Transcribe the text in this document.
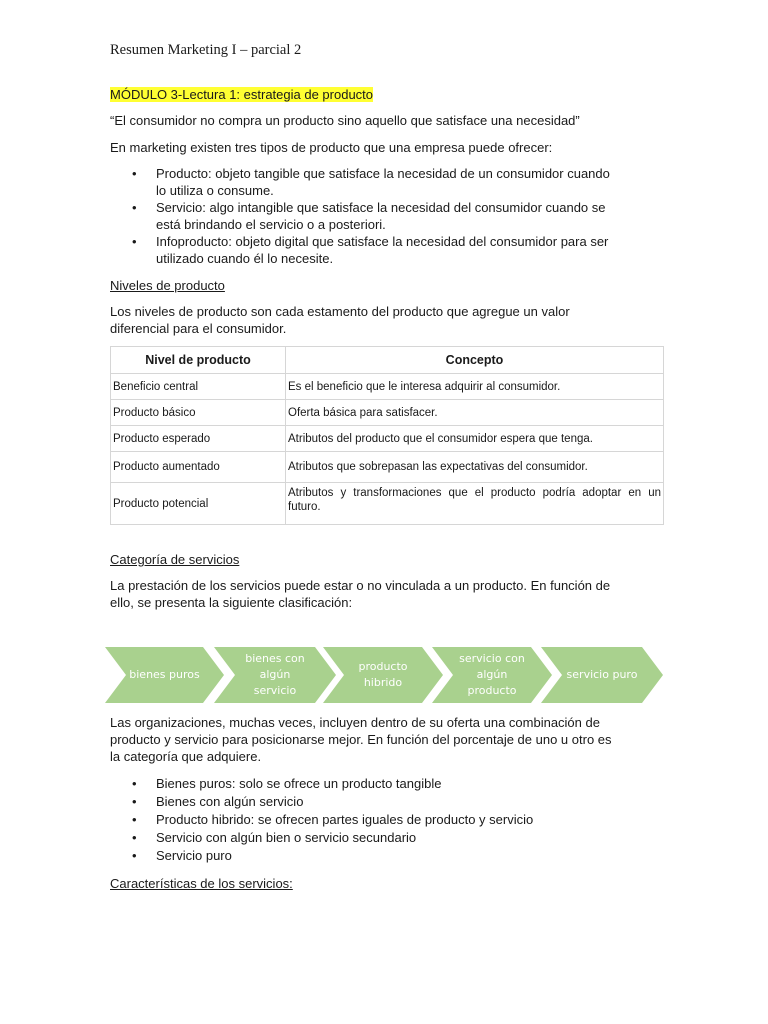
Resumen Marketing I – parcial 2
MÓDULO 3-Lectura 1: estrategia de producto

“El consumidor no compra un producto sino aquello que satisface una necesidad”

En marketing existen tres tipos de producto que una empresa puede ofrecer:

• Producto: objeto tangible que satisface la necesidad de un consumidor cuando
lo utiliza o consume.
• Servicio: algo intangible que satisface la necesidad del consumidor cuando se
está brindando el servicio o a posteriori.
• Infoproducto: objeto digital que satisface la necesidad del consumidor para ser
utilizado cuando él lo necesite.

Niveles de producto

Los niveles de producto son cada estamento del producto que agregue un valor
diferencial para el consumidor.

Nivel de producto	Concepto
Beneficio central	Es el beneficio que le interesa adquirir al consumidor.
Producto básico	Oferta básica para satisfacer.
Producto esperado	Atributos del producto que el consumidor espera que tenga.
Producto aumentado	Atributos que sobrepasan las expectativas del consumidor.
Producto potencial	Atributos y transformaciones que el producto podría adoptar en un futuro.

Categoría de servicios

La prestación de los servicios puede estar o no vinculada a un producto. En función de
ello, se presenta la siguiente clasificación:

bienes puros
bienes con
algún
servicio
producto
hibrido
servicio con
algún
producto
servicio puro

Las organizaciones, muchas veces, incluyen dentro de su oferta una combinación de
producto y servicio para posicionarse mejor. En función del porcentaje de uno u otro es
la categoría que adquiere.

• Bienes puros: solo se ofrece un producto tangible
• Bienes con algún servicio
• Producto hibrido: se ofrecen partes iguales de producto y servicio
• Servicio con algún bien o servicio secundario
• Servicio puro

Características de los servicios:
